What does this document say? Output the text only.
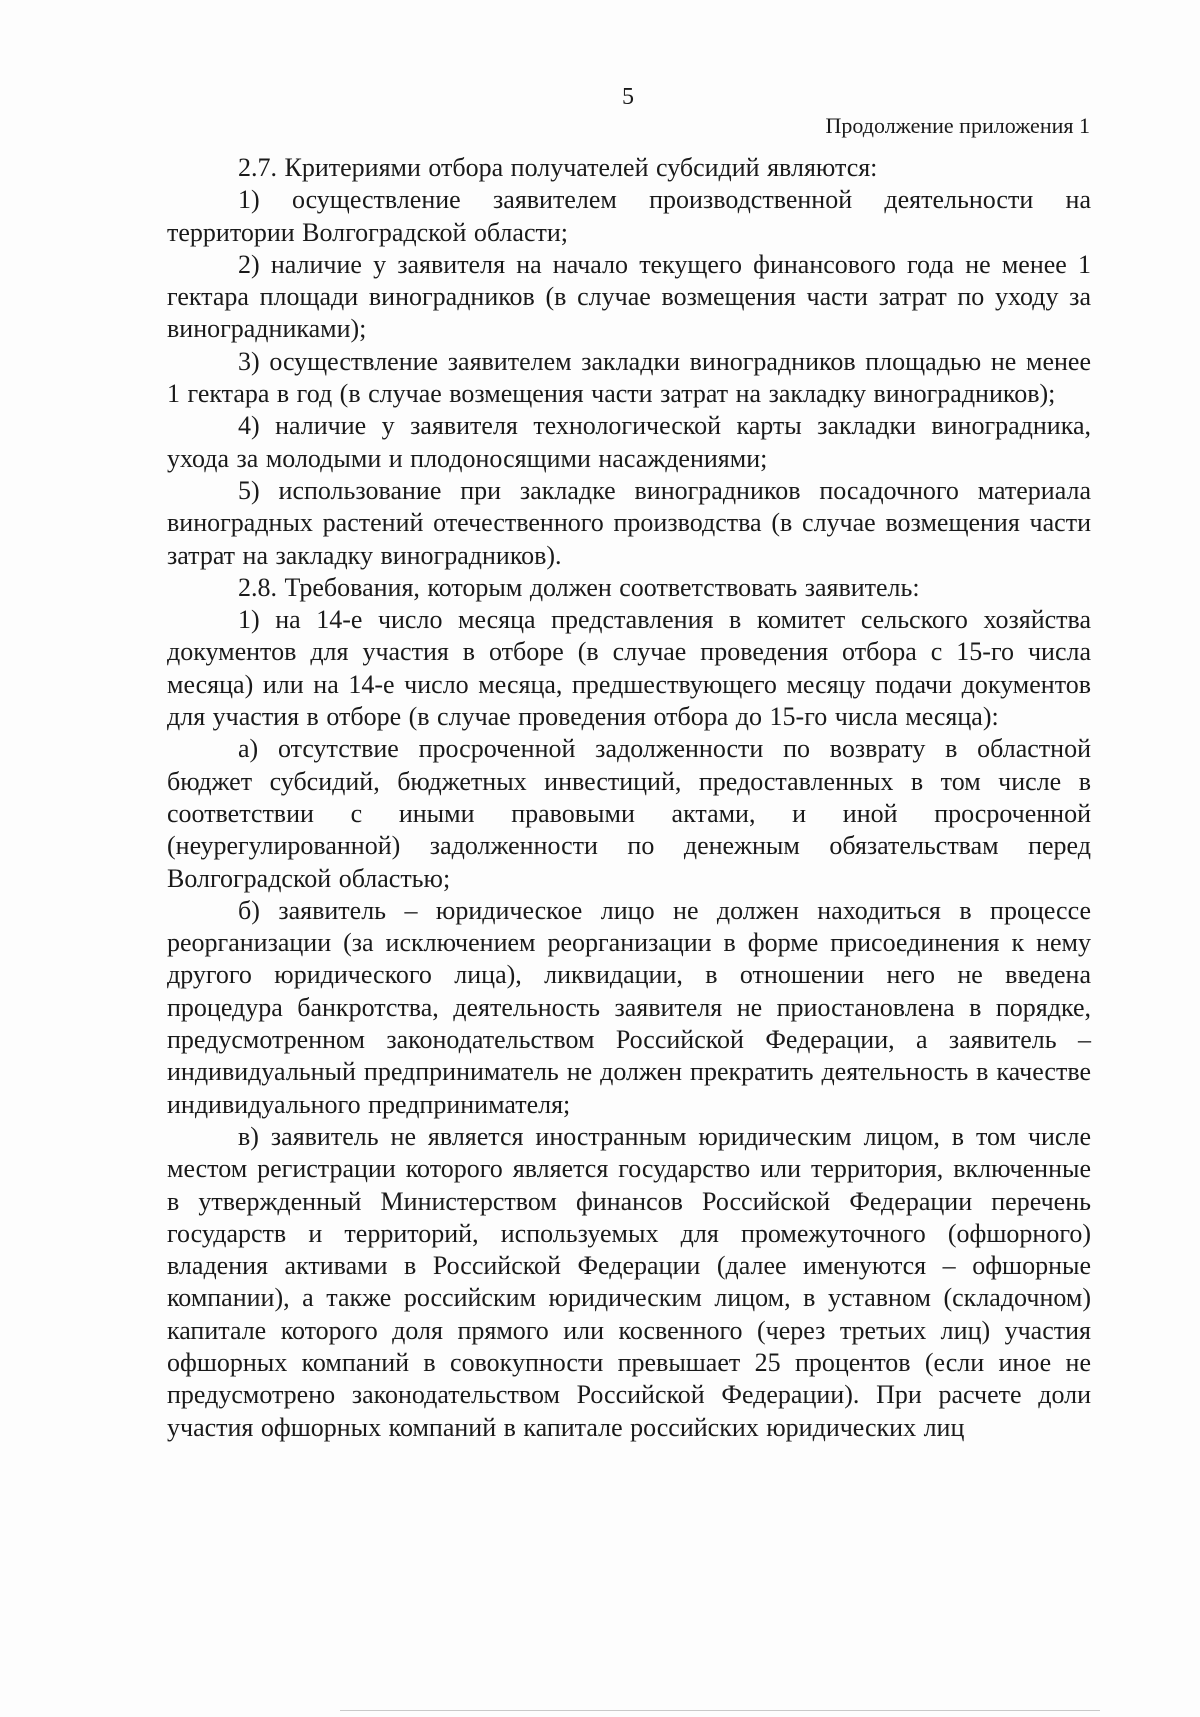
5
Продолжение приложения 1

2.7. Критериями отбора получателей субсидий являются:

1) осуществление заявителем производственной деятельности на территории Волгоградской области;

2) наличие у заявителя на начало текущего финансового года не менее 1 гектара площади виноградников (в случае возмещения части затрат по уходу за виноградниками);

3) осуществление заявителем закладки виноградников площадью не менее 1 гектара в год (в случае возмещения части затрат на закладку виноградников);

4) наличие у заявителя технологической карты закладки виноградника, ухода за молодыми и плодоносящими насаждениями;

5) использование при закладке виноградников посадочного материала виноградных растений отечественного производства (в случае возмещения части затрат на закладку виноградников).

2.8. Требования, которым должен соответствовать заявитель:

1) на 14-е число месяца представления в комитет сельского хозяйства документов для участия в отборе (в случае проведения отбора с 15-го числа месяца) или на 14-е число месяца, предшествующего месяцу подачи документов для участия в отборе (в случае проведения отбора до 15-го числа месяца):

а) отсутствие просроченной задолженности по возврату в областной бюджет субсидий, бюджетных инвестиций, предоставленных в том числе в соответствии с иными правовыми актами, и иной просроченной (неурегулированной) задолженности по денежным обязательствам перед Волгоградской областью;

б) заявитель – юридическое лицо не должен находиться в процессе реорганизации (за исключением реорганизации в форме присоединения к нему другого юридического лица), ликвидации, в отношении него не введена процедура банкротства, деятельность заявителя не приостановлена в порядке, предусмотренном законодательством Российской Федерации, а заявитель – индивидуальный предприниматель не должен прекратить деятельность в качестве индивидуального предпринимателя;

в) заявитель не является иностранным юридическим лицом, в том числе местом регистрации которого является государство или территория, включенные в утвержденный Министерством финансов Российской Федерации перечень государств и территорий, используемых для промежуточного (офшорного) владения активами в Российской Федерации (далее именуются – офшорные компании), а также российским юридическим лицом, в уставном (складочном) капитале которого доля прямого или косвенного (через третьих лиц) участия офшорных компаний в совокупности превышает 25 процентов (если иное не предусмотрено законодательством Российской Федерации). При расчете доли участия офшорных компаний в капитале российских юридических лиц
